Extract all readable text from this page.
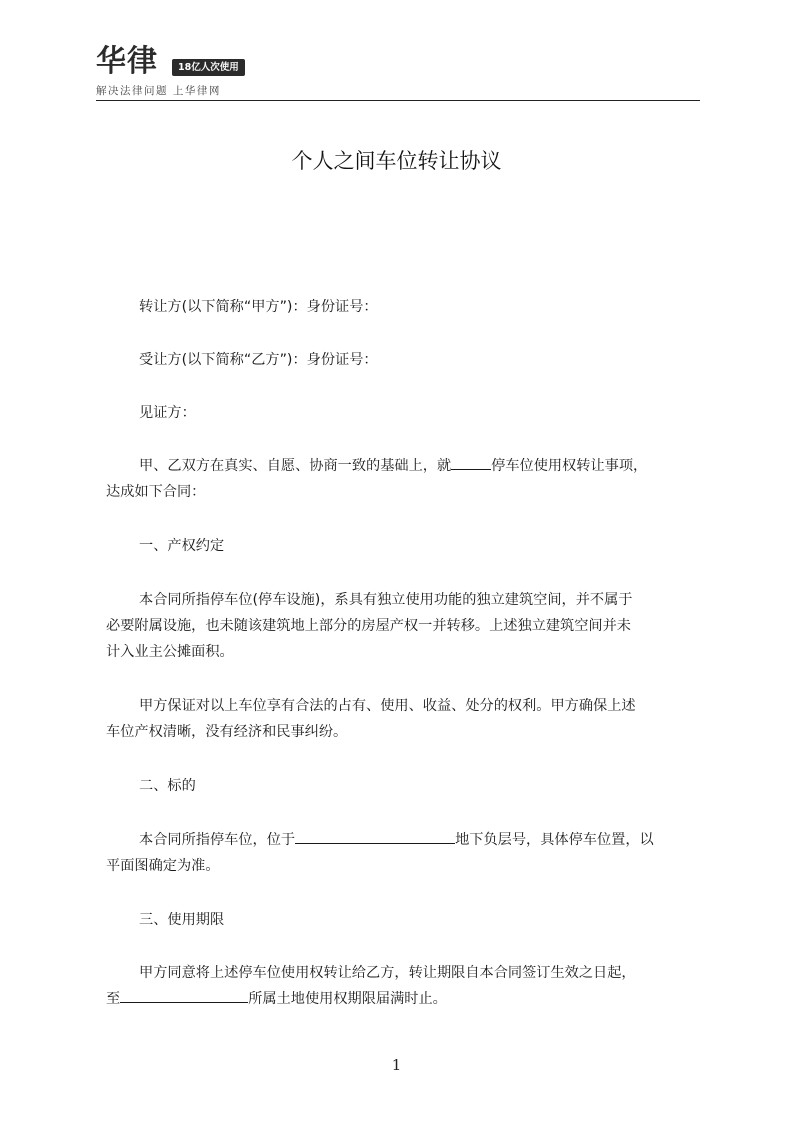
华律	18亿人次使用
解决法律问题 上华律网
个人之间车位转让协议
转让方(以下简称“甲方”)：身份证号：
受让方(以下简称“乙方”)：身份证号：
见证方：
甲、乙双方在真实、自愿、协商一致的基础上，就	停车位使用权转让事项，
达成如下合同：
一、产权约定
本合同所指停车位(停车设施)，系具有独立使用功能的独立建筑空间，并不属于
必要附属设施，也未随该建筑地上部分的房屋产权一并转移。上述独立建筑空间并未
计入业主公摊面积。
甲方保证对以上车位享有合法的占有、使用、收益、处分的权利。甲方确保上述
车位产权清晰，没有经济和民事纠纷。
二、标的
本合同所指停车位，位于	地下负层号，具体停车位置，以
平面图确定为准。
三、使用期限
甲方同意将上述停车位使用权转让给乙方，转让期限自本合同签订生效之日起，
至	所属土地使用权期限届满时止。
1
